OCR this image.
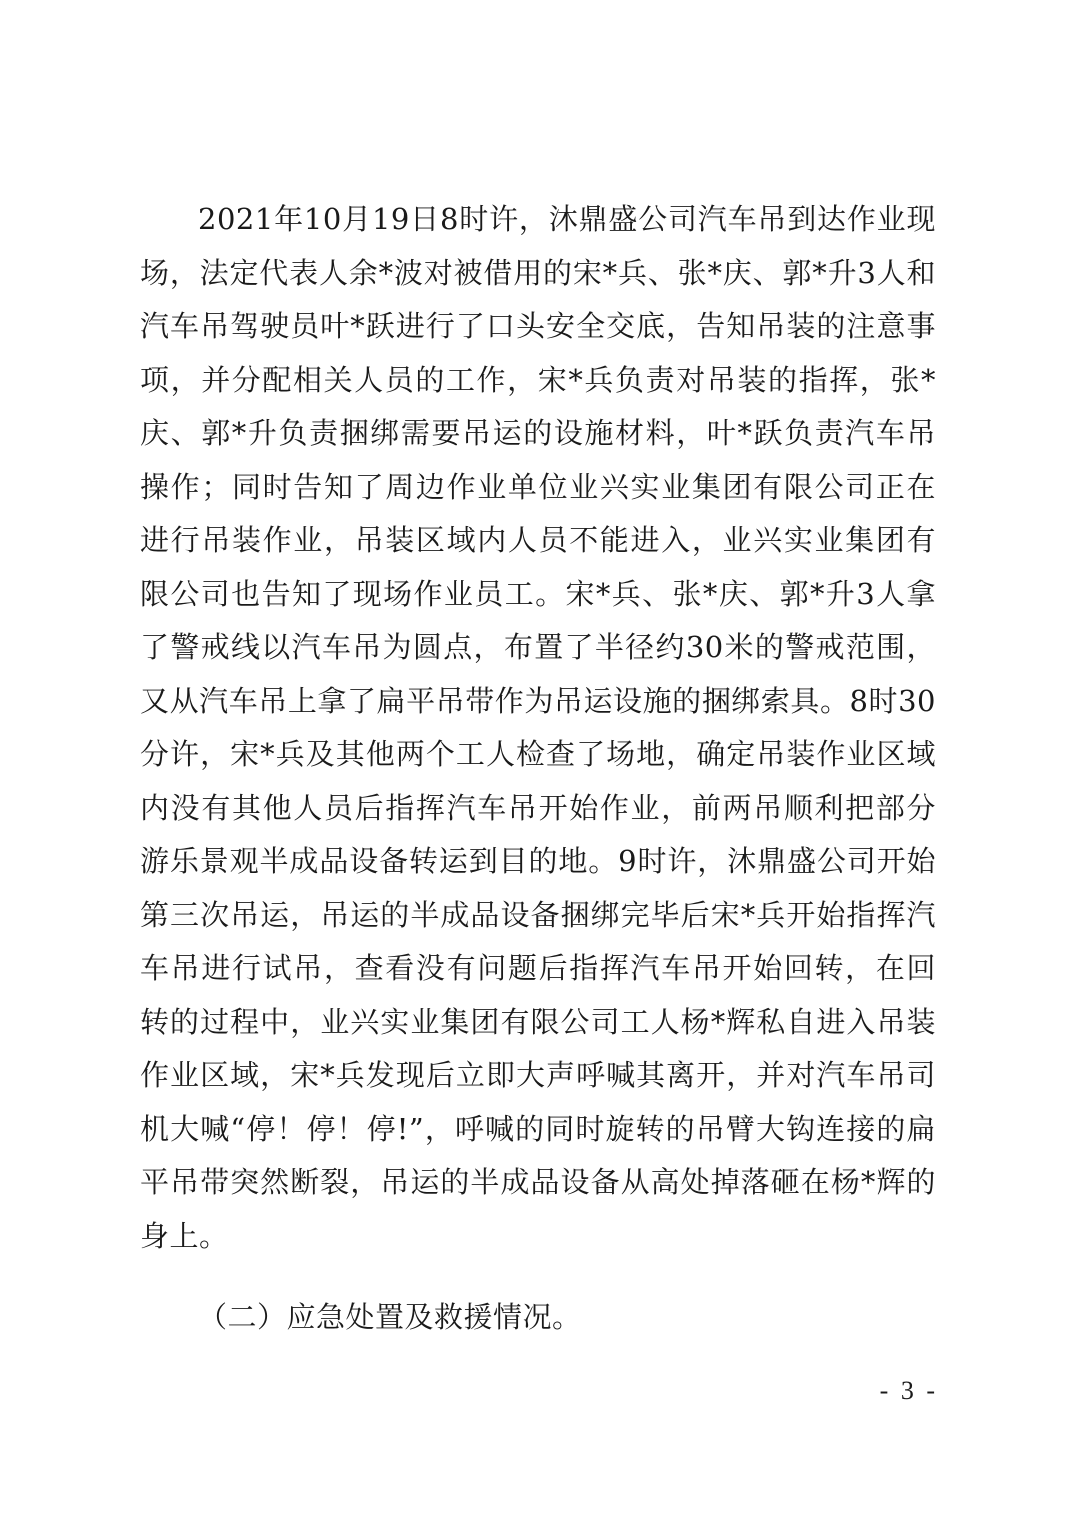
2021年10月19日8时许，沐鼎盛公司汽车吊到达作业现场，法定代表人余*波对被借用的宋*兵、张*庆、郭*升3人和汽车吊驾驶员叶*跃进行了口头安全交底，告知吊装的注意事项，并分配相关人员的工作，宋*兵负责对吊装的指挥，张*庆、郭*升负责捆绑需要吊运的设施材料，叶*跃负责汽车吊操作；同时告知了周边作业单位业兴实业集团有限公司正在进行吊装作业，吊装区域内人员不能进入，业兴实业集团有限公司也告知了现场作业员工。宋*兵、张*庆、郭*升3人拿了警戒线以汽车吊为圆点，布置了半径约30米的警戒范围，又从汽车吊上拿了扁平吊带作为吊运设施的捆绑索具。8时30分许，宋*兵及其他两个工人检查了场地，确定吊装作业区域内没有其他人员后指挥汽车吊开始作业，前两吊顺利把部分游乐景观半成品设备转运到目的地。9时许，沐鼎盛公司开始第三次吊运，吊运的半成品设备捆绑完毕后宋*兵开始指挥汽车吊进行试吊，查看没有问题后指挥汽车吊开始回转，在回转的过程中，业兴实业集团有限公司工人杨*辉私自进入吊装作业区域，宋*兵发现后立即大声呼喊其离开，并对汽车吊司机大喊“停！停！停!”，呼喊的同时旋转的吊臂大钩连接的扁平吊带突然断裂，吊运的半成品设备从高处掉落砸在杨*辉的身上。

（二）应急处置及救援情况。

- 3 -
